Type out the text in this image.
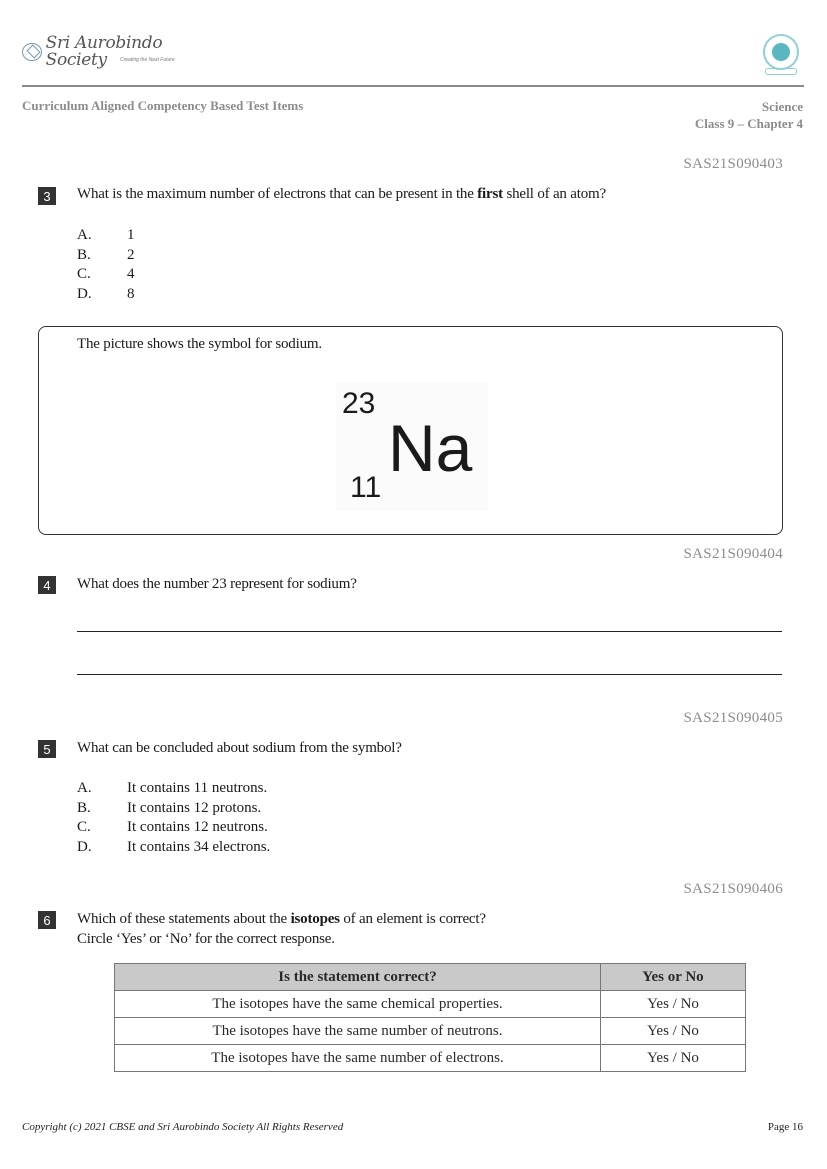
Sri Aurobindo Society	Creating the Next Future
Curriculum Aligned Competency Based Test Items	Science
Class 9 – Chapter 4
SAS21S090403
3	What is the maximum number of electrons that can be present in the first shell of an atom?
A.	1
B.	2
C.	4
D.	8
The picture shows the symbol for sodium.
23
Na
11
SAS21S090404
4	What does the number 23 represent for sodium?
SAS21S090405
5	What can be concluded about sodium from the symbol?
A.	It contains 11 neutrons.
B.	It contains 12 protons.
C.	It contains 12 neutrons.
D.	It contains 34 electrons.
SAS21S090406
6	Which of these statements about the isotopes of an element is correct?
Circle ‘Yes’ or ‘No’ for the correct response.
Is the statement correct?	Yes or No
The isotopes have the same chemical properties.	Yes / No
The isotopes have the same number of neutrons.	Yes / No
The isotopes have the same number of electrons.	Yes / No
Copyright (c) 2021 CBSE and Sri Aurobindo Society All Rights Reserved	Page 16
